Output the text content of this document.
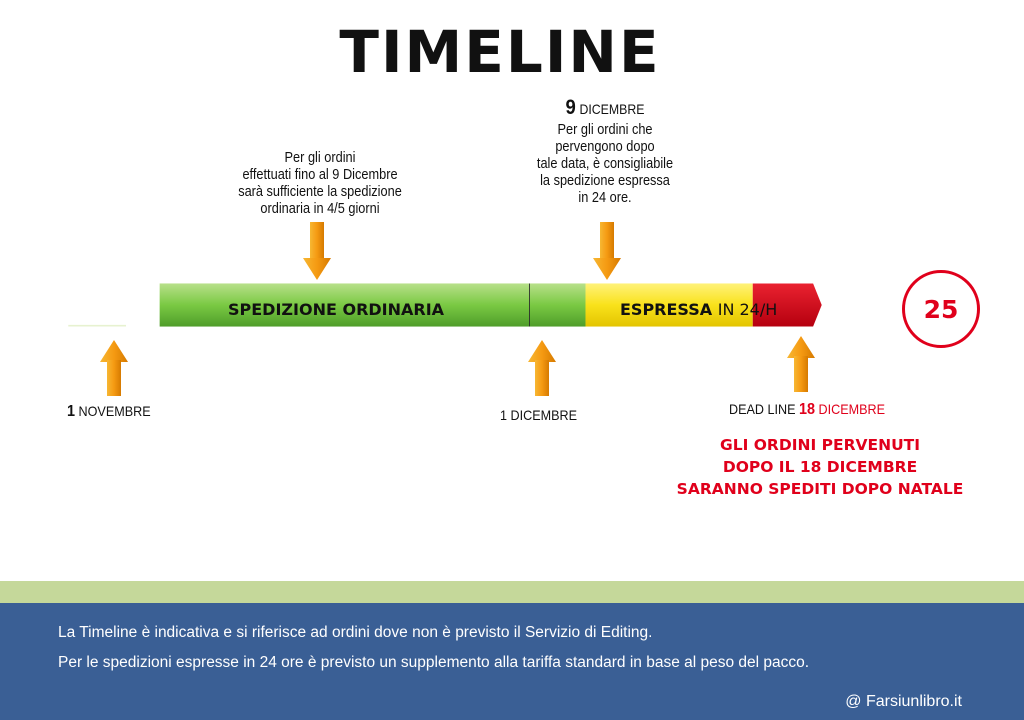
TIMELINE
Per gli ordini
effettuati fino al 9 Dicembre
sarà sufficiente la spedizione
ordinaria in 4/5 giorni
9 DICEMBRE
Per gli ordini che
pervengono dopo
tale data, è consigliabile
la spedizione espressa
in 24 ore.
SPEDIZIONE ORDINARIA	ESPRESSA IN 24/H	25
1 NOVEMBRE	1 DICEMBRE	DEAD LINE 18 DICEMBRE
GLI ORDINI PERVENUTI
DOPO IL 18 DICEMBRE
SARANNO SPEDITI DOPO NATALE
La Timeline è indicativa e si riferisce ad ordini dove non è previsto il Servizio di Editing.
Per le spedizioni espresse in 24 ore è previsto un supplemento alla tariffa standard in base al peso del pacco.
@ Farsiunlibro.it
